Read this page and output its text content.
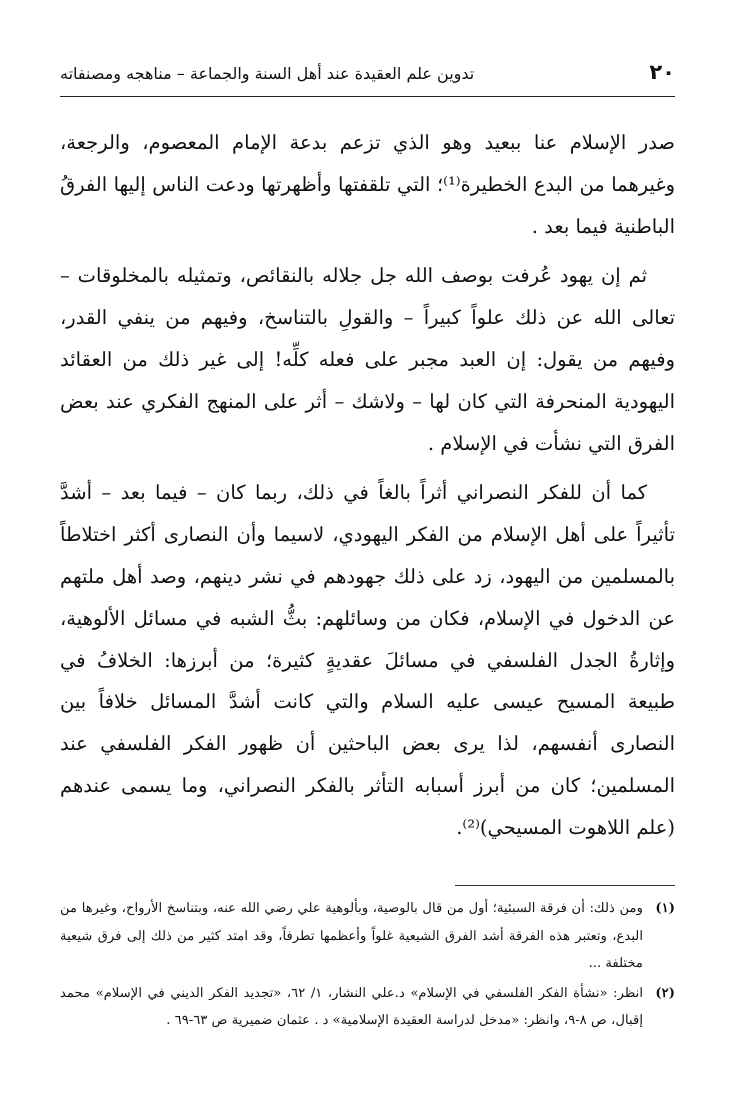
٢٠
تدوين علم العقيدة عند أهل السنة والجماعة – مناهجه ومصنفاته

صدر الإسلام عنا ببعيد وهو الذي تزعم بدعة الإمام المعصوم، والرجعة، وغيرهما من البدع الخطيرة⁽¹⁾؛ التي تلقفتها وأظهرتها ودعت الناس إليها الفرقُ الباطنية فيما بعد .

ثم إن يهود عُرفت بوصف الله جل جلاله بالنقائص، وتمثيله بالمخلوقات – تعالى الله عن ذلك علواً كبيراً – والقولِ بالتناسخ، وفيهم من ينفي القدر، وفيهم من يقول: إن العبد مجبر على فعله كلِّه! إلى غير ذلك من العقائد اليهودية المنحرفة التي كان لها – ولاشك – أثر على المنهج الفكري عند بعض الفرق التي نشأت في الإسلام .

كما أن للفكر النصراني أثراً بالغاً في ذلك، ربما كان – فيما بعد – أشدَّ تأثيراً على أهل الإسلام من الفكر اليهودي، لاسيما وأن النصارى أكثر اختلاطاً بالمسلمين من اليهود، زد على ذلك جهودهم في نشر دينهم، وصد أهل ملتهم عن الدخول في الإسلام، فكان من وسائلهم: بثُّ الشبه في مسائل الألوهية، وإثارةُ الجدل الفلسفي في مسائلَ عقديةٍ كثيرة؛ من أبرزها: الخلافُ في طبيعة المسيح عيسى عليه السلام والتي كانت أشدَّ المسائل خلافاً بين النصارى أنفسهم، لذا يرى بعض الباحثين أن ظهور الفكر الفلسفي عند المسلمين؛ كان من أبرز أسبابه التأثر بالفكر النصراني، وما يسمى عندهم (علم اللاهوت المسيحي)⁽²⁾.

(١)
ومن ذلك: أن فرقة السبئية؛ أول من قال بالوصية، وبألوهية علي رضي الله عنه، وبتناسخ الأرواح، وغيرها من البدع، وتعتبر هذه الفرقة أشد الفرق الشيعية غلواً وأعظمها تطرفاً، وقد امتد كثير من ذلك إلى فرق شيعية مختلفة ...

(٢)
انظر: «نشأة الفكر الفلسفي في الإسلام» د.علي النشار، ١/ ٦٢، «تجديد الفكر الديني في الإسلام» محمد إقبال، ص ٨-٩، وانظر: «مدخل لدراسة العقيدة الإسلامية» د . عثمان ضميرية ص ٦٣-٦٩ .
